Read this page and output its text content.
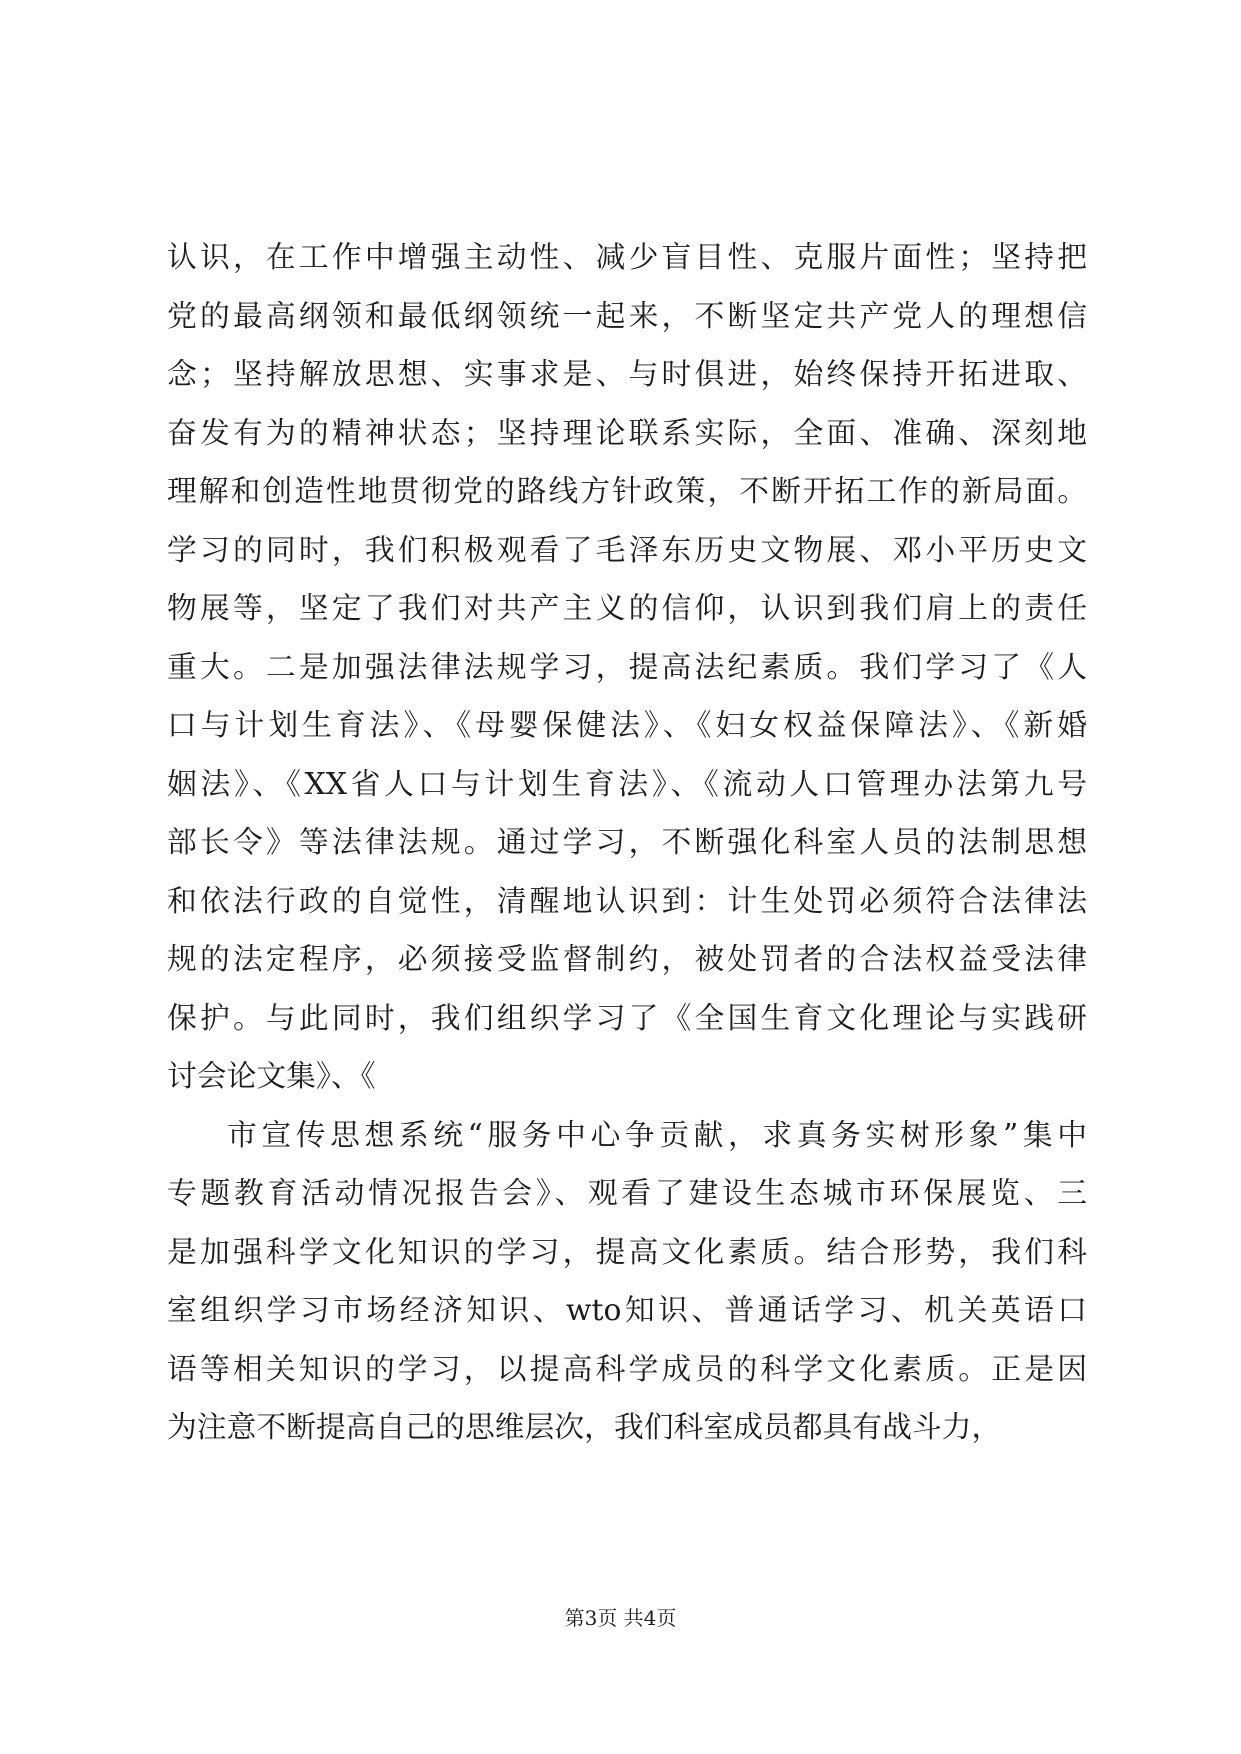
认识，在工作中增强主动性、减少盲目性、克服片面性；坚持把
党的最高纲领和最低纲领统一起来，不断坚定共产党人的理想信
念；坚持解放思想、实事求是、与时俱进，始终保持开拓进取、
奋发有为的精神状态；坚持理论联系实际，全面、准确、深刻地
理解和创造性地贯彻党的路线方针政策，不断开拓工作的新局面。
学习的同时，我们积极观看了毛泽东历史文物展、邓小平历史文
物展等，坚定了我们对共产主义的信仰，认识到我们肩上的责任
重大。二是加强法律法规学习，提高法纪素质。我们学习了《人
口与计划生育法》、《母婴保健法》、《妇女权益保障法》、《新婚
姻法》、《XX省人口与计划生育法》、《流动人口管理办法第九号
部长令》等法律法规。通过学习，不断强化科室人员的法制思想
和依法行政的自觉性，清醒地认识到：计生处罚必须符合法律法
规的法定程序，必须接受监督制约，被处罚者的合法权益受法律
保护。与此同时，我们组织学习了《全国生育文化理论与实践研
讨会论文集》、《
市宣传思想系统“服务中心争贡献，求真务实树形象”集中
专题教育活动情况报告会》、观看了建设生态城市环保展览、三
是加强科学文化知识的学习，提高文化素质。结合形势，我们科
室组织学习市场经济知识、wto知识、普通话学习、机关英语口
语等相关知识的学习，以提高科学成员的科学文化素质。正是因
为注意不断提高自己的思维层次，我们科室成员都具有战斗力，
第3页 共4页
